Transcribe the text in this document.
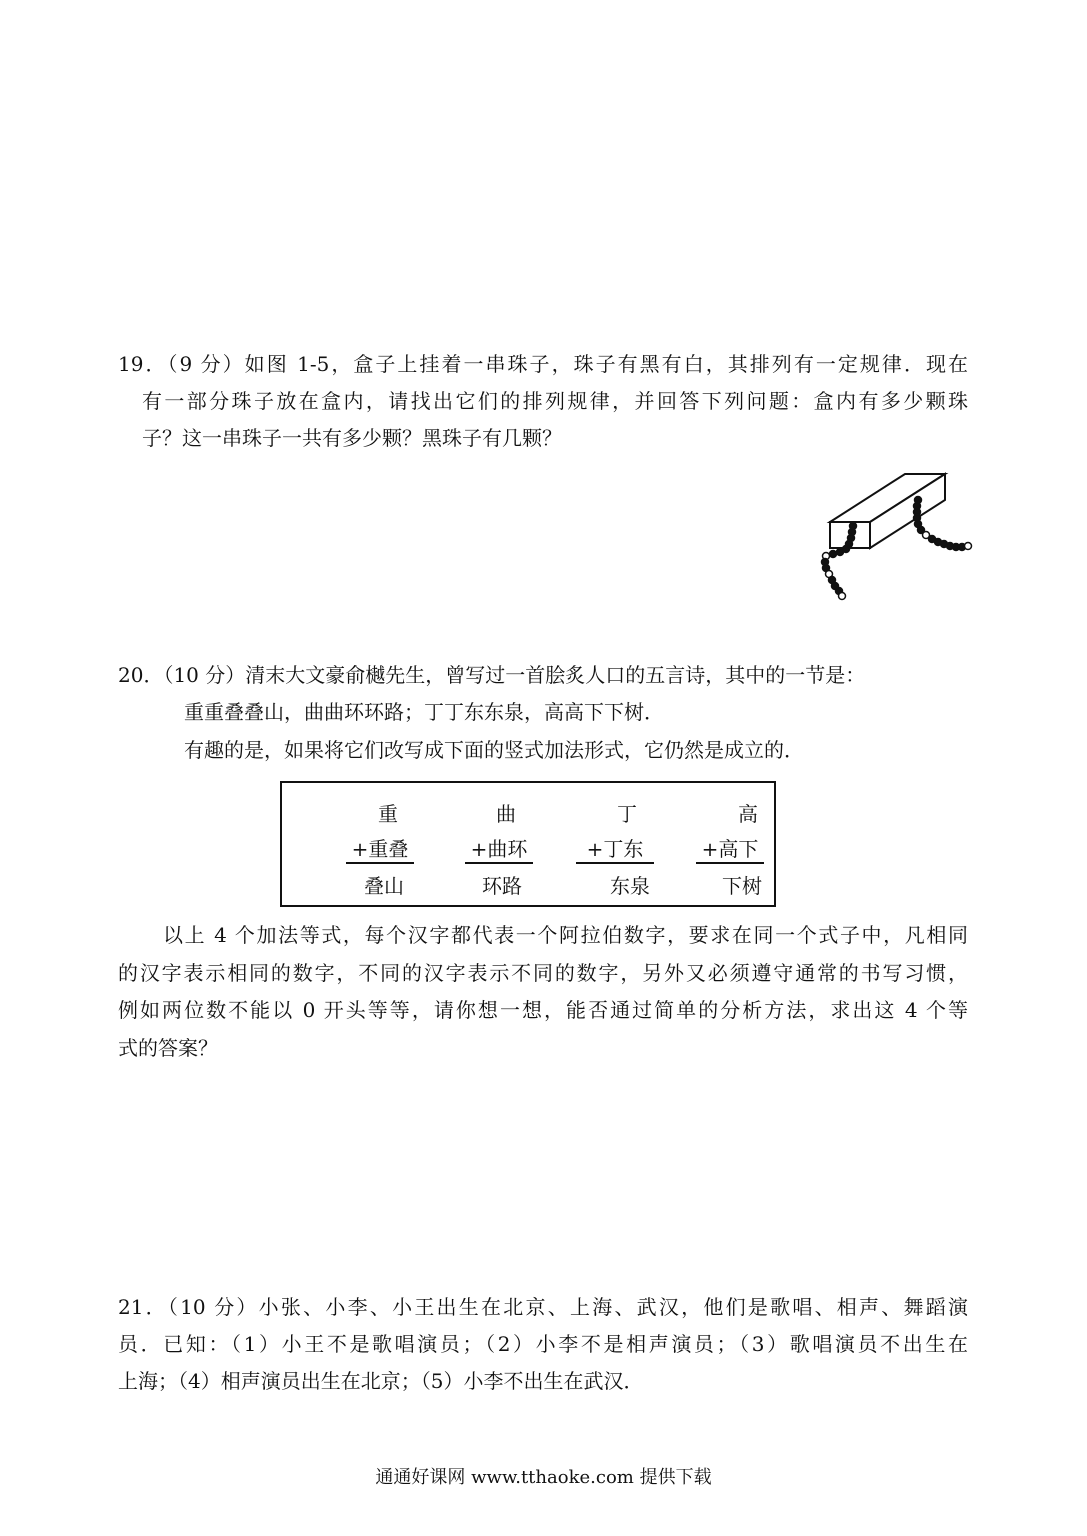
19．（9 分）如图 1-5，盒子上挂着一串珠子，珠子有黑有白，其排列有一定规律．现在
有一部分珠子放在盒内，请找出它们的排列规律，并回答下列问题：盒内有多少颗珠
子？这一串珠子一共有多少颗？黑珠子有几颗？
20．（10 分）清末大文豪俞樾先生，曾写过一首脍炙人口的五言诗，其中的一节是：
重重叠叠山，曲曲环环路；丁丁东东泉，高高下下树．
有趣的是，如果将它们改写成下面的竖式加法形式，它仍然是成立的．
重
+重叠
叠山
曲
+曲环
环路
丁
+丁东
东泉
高
+高下
下树
以上 4 个加法等式，每个汉字都代表一个阿拉伯数字，要求在同一个式子中，凡相同
的汉字表示相同的数字，不同的汉字表示不同的数字，另外又必须遵守通常的书写习惯，
例如两位数不能以 0 开头等等，请你想一想，能否通过简单的分析方法，求出这 4 个等
式的答案？
21．（10 分）小张、小李、小王出生在北京、上海、武汉，他们是歌唱、相声、舞蹈演
员．已知：（1）小王不是歌唱演员；（2）小李不是相声演员；（3）歌唱演员不出生在
上海；（4）相声演员出生在北京；（5）小李不出生在武汉．
通通好课网 www.tthaoke.com 提供下载
